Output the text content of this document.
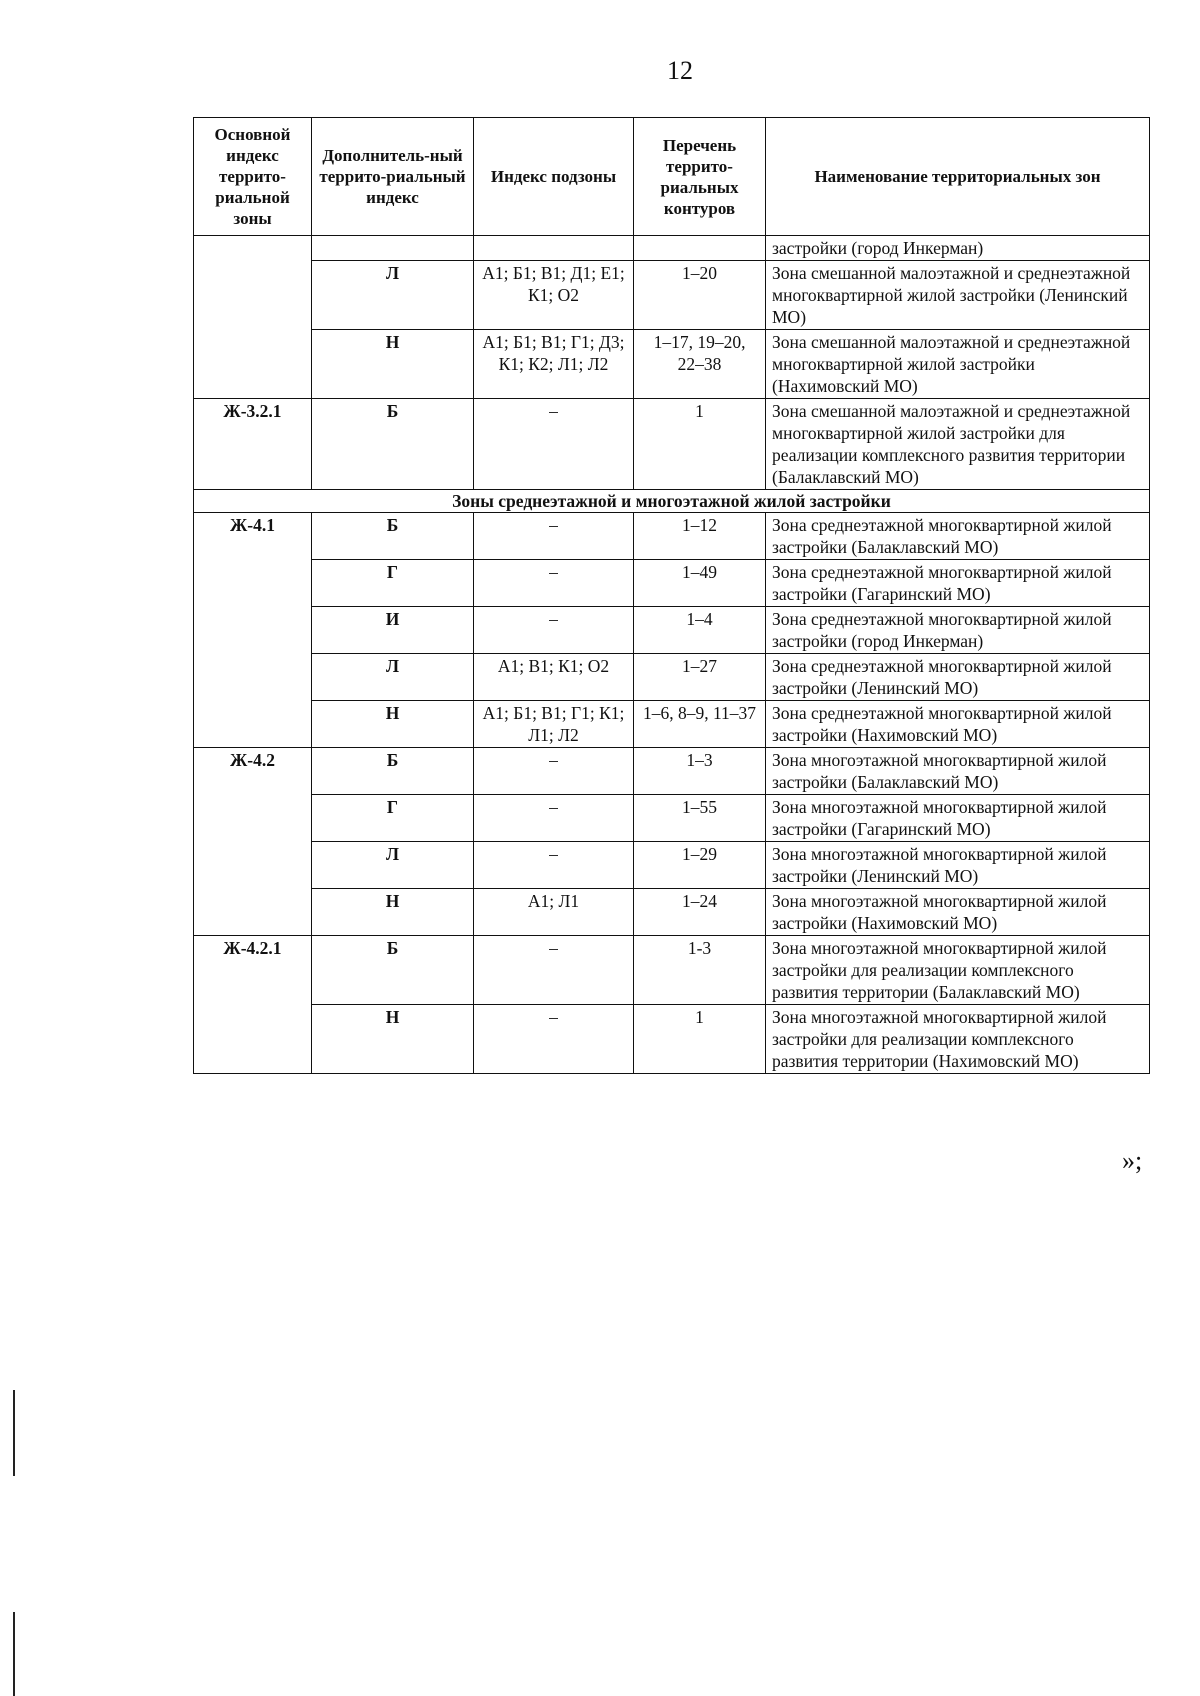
12
Основной индекс террито-риальной зоны	Дополнитель-ный террито-риальный индекс	Индекс подзоны	Перечень террито-риальных контуров	Наименование территориальных зон
				застройки (город Инкерман)
	Л	А1; Б1; В1; Д1; Е1; К1; О2	1–20	Зона смешанной малоэтажной и среднеэтажной многоквартирной жилой застройки (Ленинский МО)
	Н	А1; Б1; В1; Г1; Д3; К1; К2; Л1; Л2	1–17, 19–20, 22–38	Зона смешанной малоэтажной и среднеэтажной многоквартирной жилой застройки (Нахимовский МО)
Ж-3.2.1	Б	–	1	Зона смешанной малоэтажной и среднеэтажной многоквартирной жилой застройки для реализации комплексного развития территории (Балаклавский МО)
Зоны среднеэтажной и многоэтажной жилой застройки				
Ж-4.1	Б	–	1–12	Зона среднеэтажной многоквартирной жилой застройки (Балаклавский МО)
	Г	–	1–49	Зона среднеэтажной многоквартирной жилой застройки (Гагаринский МО)
	И	–	1–4	Зона среднеэтажной многоквартирной жилой застройки (город Инкерман)
	Л	А1; В1; К1; О2	1–27	Зона среднеэтажной многоквартирной жилой застройки (Ленинский МО)
	Н	А1; Б1; В1; Г1; К1; Л1; Л2	1–6, 8–9, 11–37	Зона среднеэтажной многоквартирной жилой застройки (Нахимовский МО)
Ж-4.2	Б	–	1–3	Зона многоэтажной многоквартирной жилой застройки (Балаклавский МО)
	Г	–	1–55	Зона многоэтажной многоквартирной жилой застройки (Гагаринский МО)
	Л	–	1–29	Зона многоэтажной многоквартирной жилой застройки (Ленинский МО)
	Н	А1; Л1	1–24	Зона многоэтажной многоквартирной жилой застройки (Нахимовский МО)
Ж-4.2.1	Б	–	1-3	Зона многоэтажной многоквартирной жилой застройки для реализации комплексного развития территории (Балаклавский МО)
	Н	–	1	Зона многоэтажной многоквартирной жилой застройки для реализации комплексного развития территории (Нахимовский МО)
»;
